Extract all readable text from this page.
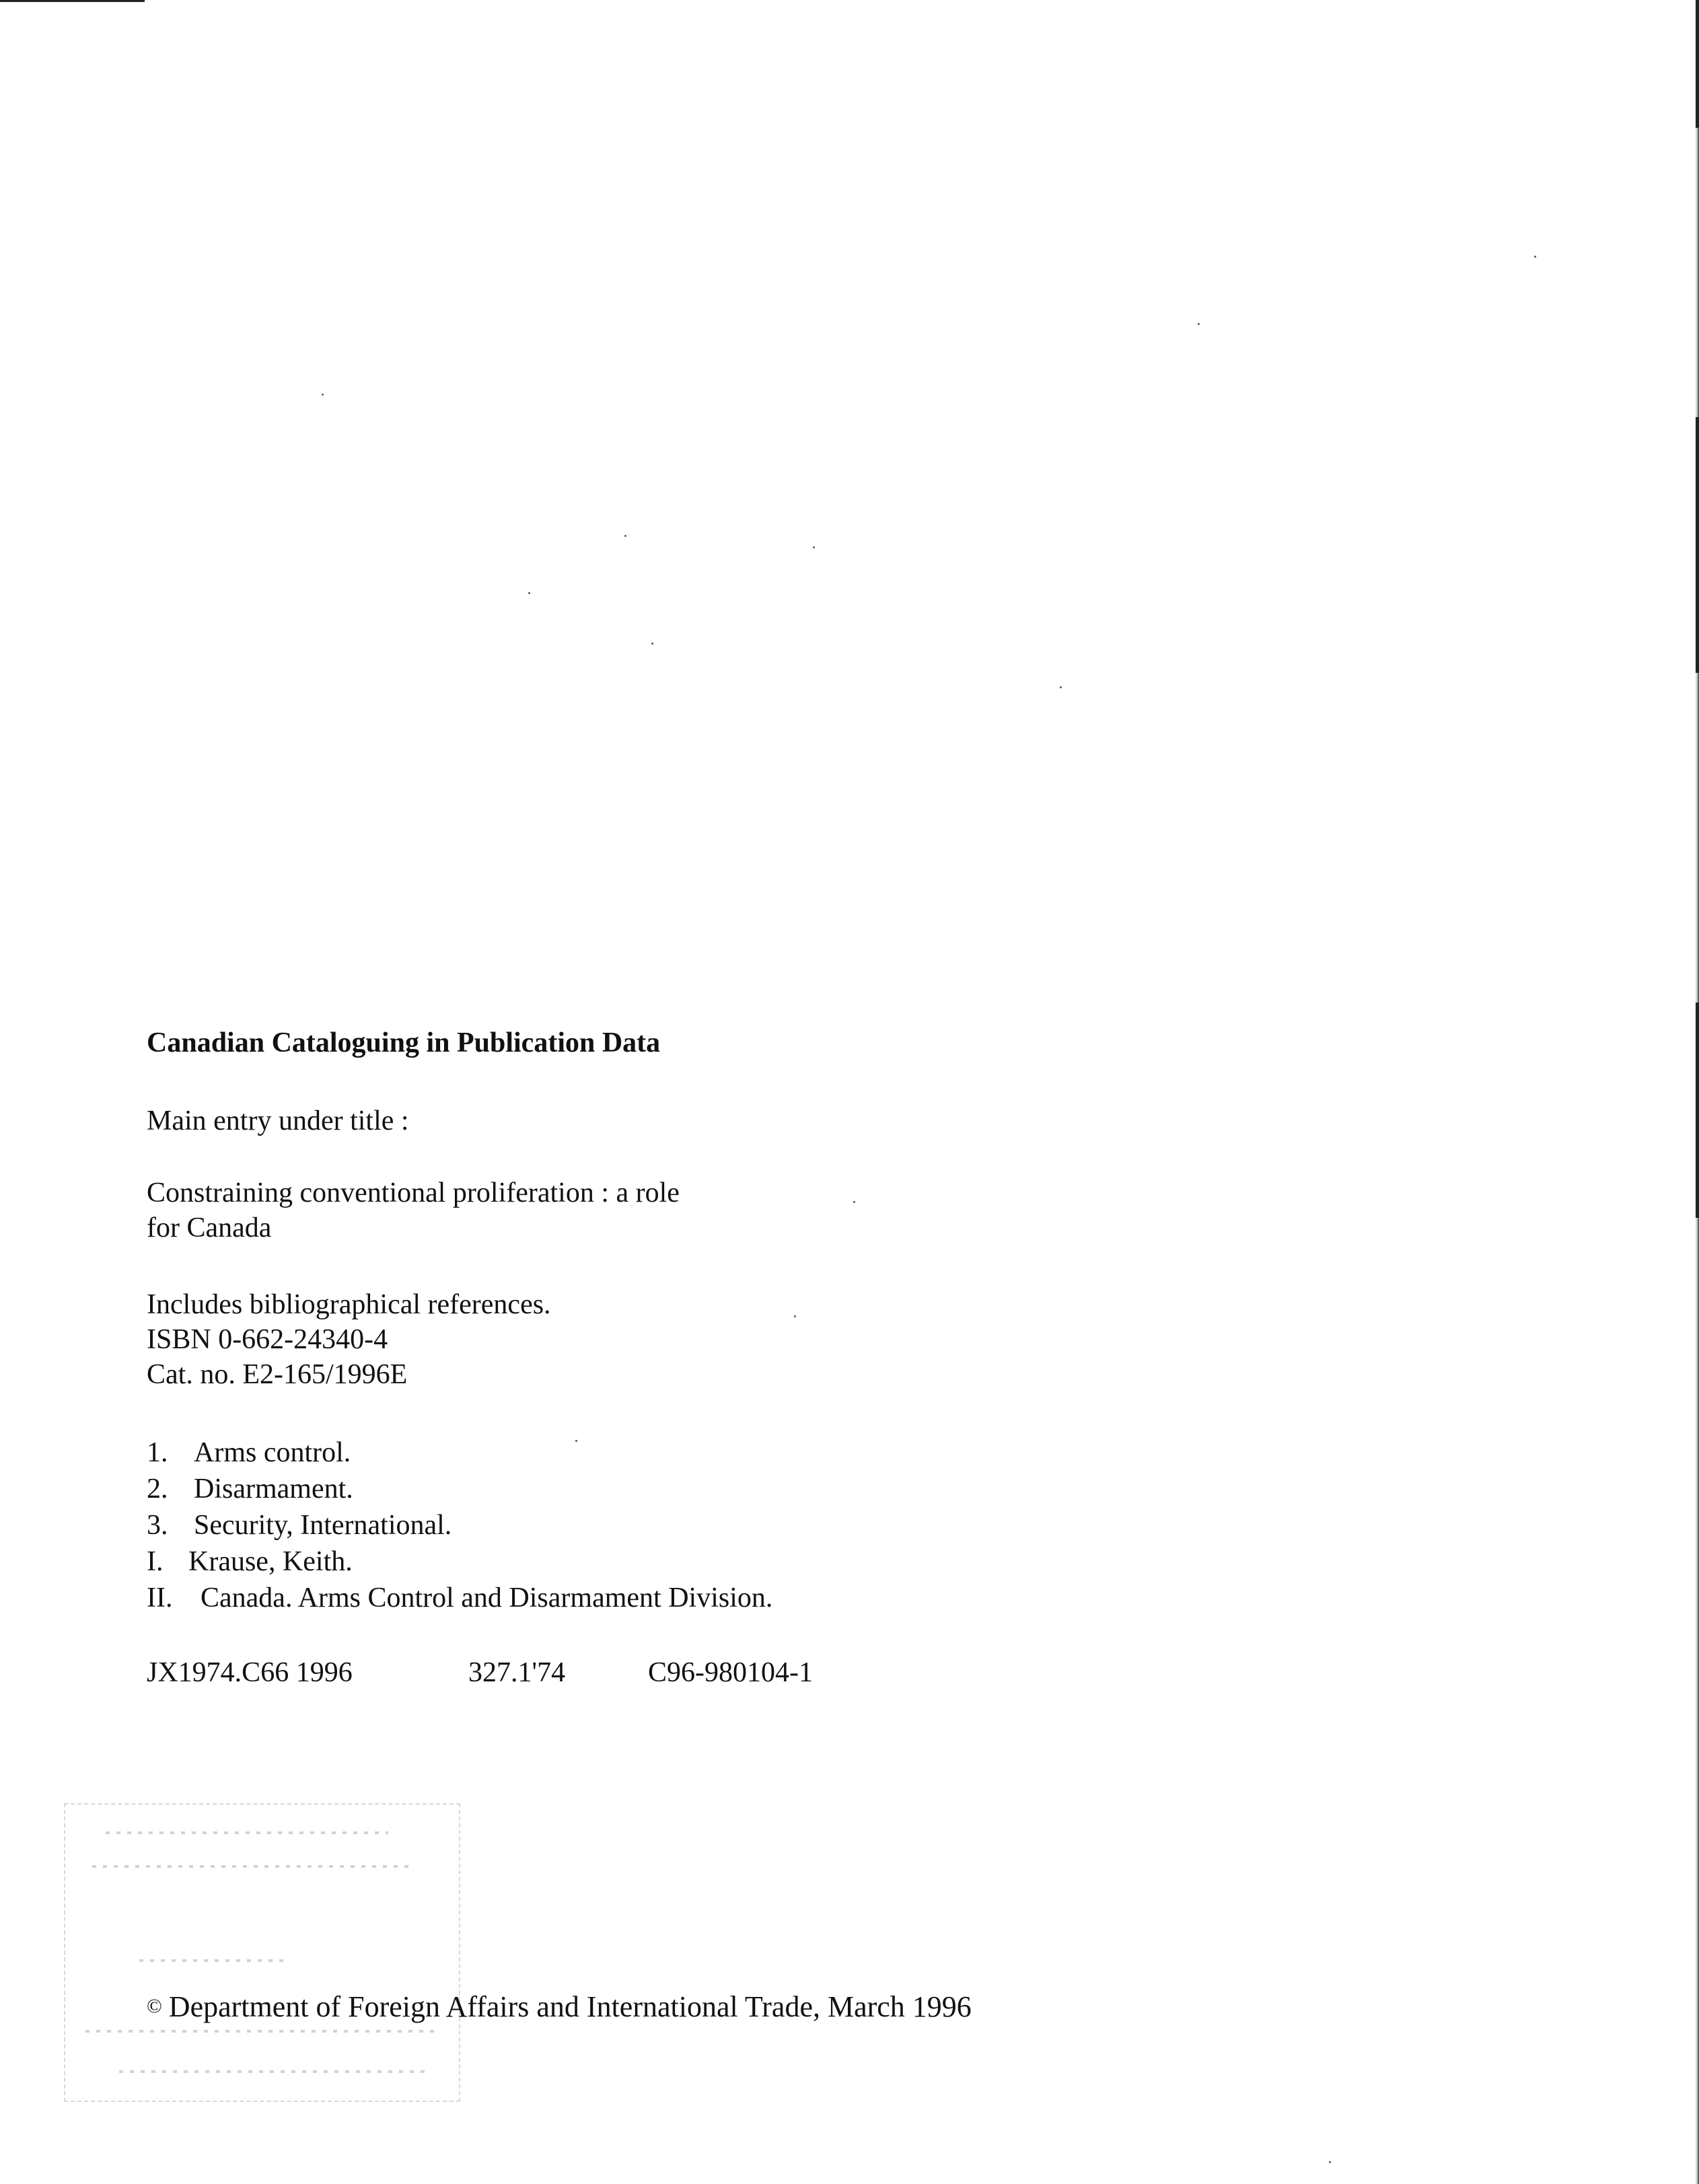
Canadian Cataloguing in Publication Data
Main entry under title :
Constraining conventional proliferation : a role
for Canada
Includes bibliographical references.
ISBN 0-662-24340-4
Cat. no. E2-165/1996E
1. Arms control.
2. Disarmament.
3. Security, International.
I. Krause, Keith.
II. Canada. Arms Control and Disarmament Division.
JX1974.C66 1996	327.1'74	C96-980104-1
© Department of Foreign Affairs and International Trade, March 1996
